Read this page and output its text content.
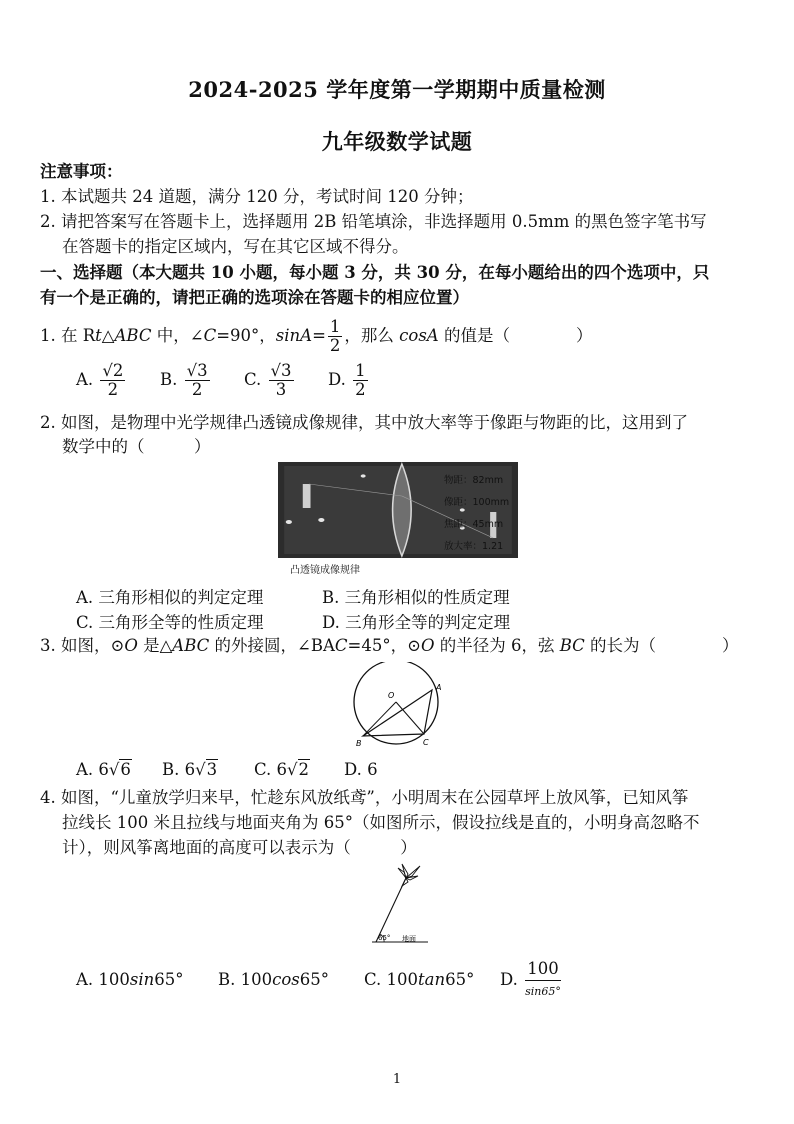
2024-2025 学年度第一学期期中质量检测
九年级数学试题
注意事项：
1. 本试题共 24 道题，满分 120 分，考试时间 120 分钟；
2. 请把答案写在答题卡上，选择题用 2B 铅笔填涂，非选择题用 0.5mm 的黑色签字笔书写
在答题卡的指定区域内，写在其它区域不得分。
一、选择题（本大题共 10 小题，每小题 3 分，共 30 分，在每小题给出的四个选项中，只
有一个是正确的，请把正确的选项涂在答题卡的相应位置）
1. 在 Rt△ABC 中，∠C=90°，$\sin A= \frac{1}{2}$ ，那么 cosA 的值是（　　　　）
A. $\frac{√2}{2} B$. $\frac{√3}{2} C$. $\frac{√3}{3} D$. $\frac{1}{2}$
2. 如图，是物理中光学规律凸透镜成像规律，其中放大率等于像距与物距的比，这用到了
数学中的（　　　）
物距：82mm
像距：100mm
焦距：45mm
放大率：1.21
凸透镜成像规律
A. 三角形相似的判定定理	B. 三角形相似的性质定理
C. 三角形全等的性质定理	D. 三角形全等的判定定理
3. 如图，⊙O 是△ABC 的外接圆，∠BAC=45°，⊙O 的半径为 6，弦 BC 的长为（　　　　）
O
A
B	C
A. 6√6 B. 6√3 C. 6√2 D. 6
4. 如图，“儿童放学归来早，忙趁东风放纸鸢”，小明周末在公园草坪上放风筝，已知风筝
拉线长 100 米且拉线与地面夹角为 65°（如图所示，假设拉线是直的，小明身高忽略不
计），则风筝离地面的高度可以表示为（　　　）
65° 地面
A. 100sin65° B. 100cos65° C. 100tan65° D. $\frac{100}{\sin 65^\circ}$
1
